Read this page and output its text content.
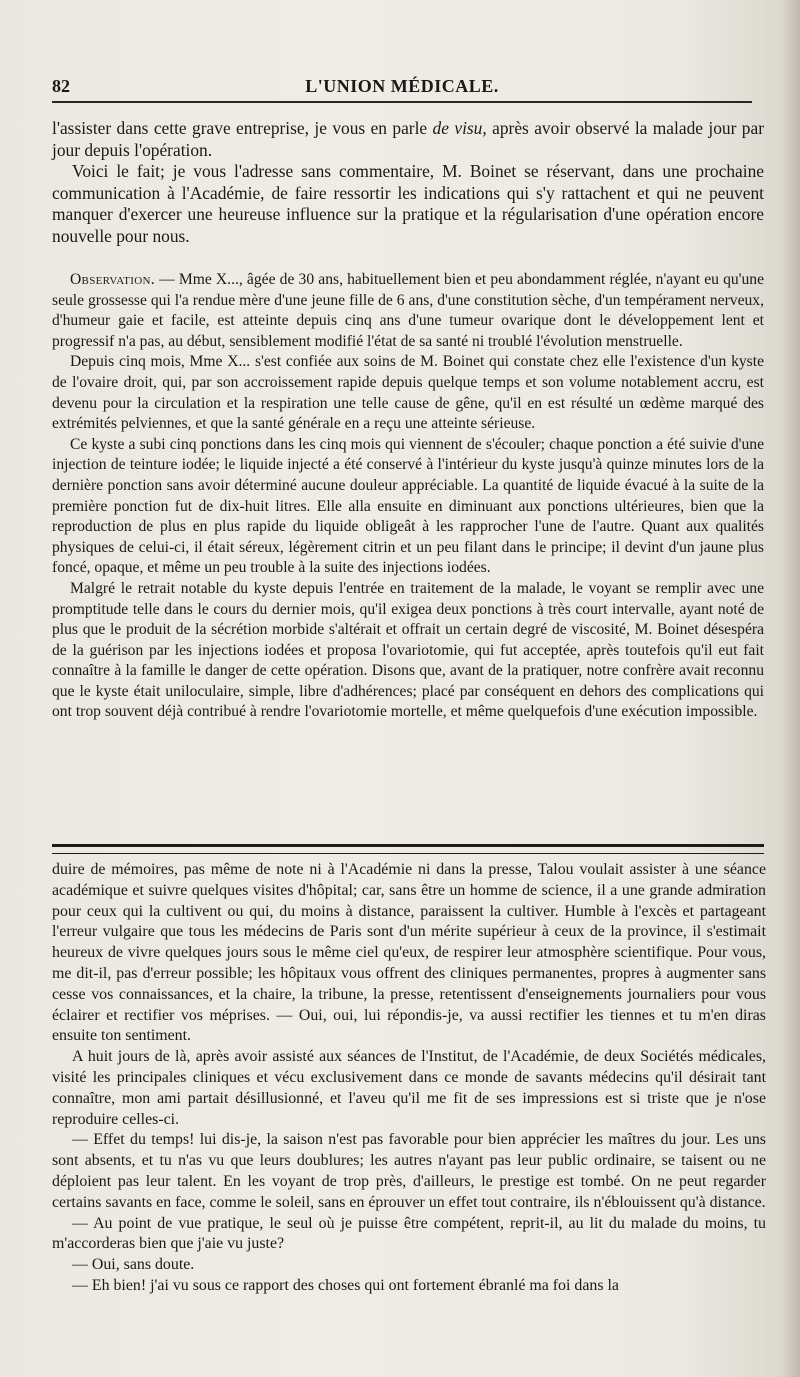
L'UNION MÉDICALE.
82

l'assister dans cette grave entreprise, je vous en parle de visu, après avoir observé la malade jour par jour depuis l'opération.

Voici le fait; je vous l'adresse sans commentaire, M. Boinet se réservant, dans une prochaine communication à l'Académie, de faire ressortir les indications qui s'y rattachent et qui ne peuvent manquer d'exercer une heureuse influence sur la pratique et la régularisation d'une opération encore nouvelle pour nous.

Observation. — Mme X..., âgée de 30 ans, habituellement bien et peu abondamment réglée, n'ayant eu qu'une seule grossesse qui l'a rendue mère d'une jeune fille de 6 ans, d'une constitution sèche, d'un tempérament nerveux, d'humeur gaie et facile, est atteinte depuis cinq ans d'une tumeur ovarique dont le développement lent et progressif n'a pas, au début, sensiblement modifié l'état de sa santé ni troublé l'évolution menstruelle.

Depuis cinq mois, Mme X... s'est confiée aux soins de M. Boinet qui constate chez elle l'existence d'un kyste de l'ovaire droit, qui, par son accroissement rapide depuis quelque temps et son volume notablement accru, est devenu pour la circulation et la respiration une telle cause de gêne, qu'il en est résulté un œdème marqué des extrémités pelviennes, et que la santé générale en a reçu une atteinte sérieuse.

Ce kyste a subi cinq ponctions dans les cinq mois qui viennent de s'écouler; chaque ponction a été suivie d'une injection de teinture iodée; le liquide injecté a été conservé à l'intérieur du kyste jusqu'à quinze minutes lors de la dernière ponction sans avoir déterminé aucune douleur appréciable. La quantité de liquide évacué à la suite de la première ponction fut de dix-huit litres. Elle alla ensuite en diminuant aux ponctions ultérieures, bien que la reproduction de plus en plus rapide du liquide obligeât à les rapprocher l'une de l'autre. Quant aux qualités physiques de celui-ci, il était séreux, légèrement citrin et un peu filant dans le principe; il devint d'un jaune plus foncé, opaque, et même un peu trouble à la suite des injections iodées.

Malgré le retrait notable du kyste depuis l'entrée en traitement de la malade, le voyant se remplir avec une promptitude telle dans le cours du dernier mois, qu'il exigea deux ponctions à très court intervalle, ayant noté de plus que le produit de la sécrétion morbide s'altérait et offrait un certain degré de viscosité, M. Boinet désespéra de la guérison par les injections iodées et proposa l'ovariotomie, qui fut acceptée, après toutefois qu'il eut fait connaître à la famille le danger de cette opération. Disons que, avant de la pratiquer, notre confrère avait reconnu que le kyste était uniloculaire, simple, libre d'adhérences; placé par conséquent en dehors des complications qui ont trop souvent déjà contribué à rendre l'ovariotomie mortelle, et même quelquefois d'une exécution impossible.

duire de mémoires, pas même de note ni à l'Académie ni dans la presse, Talou voulait assister à une séance académique et suivre quelques visites d'hôpital; car, sans être un homme de science, il a une grande admiration pour ceux qui la cultivent ou qui, du moins à distance, paraissent la cultiver. Humble à l'excès et partageant l'erreur vulgaire que tous les médecins de Paris sont d'un mérite supérieur à ceux de la province, il s'estimait heureux de vivre quelques jours sous le même ciel qu'eux, de respirer leur atmosphère scientifique. Pour vous, me dit-il, pas d'erreur possible; les hôpitaux vous offrent des cliniques permanentes, propres à augmenter sans cesse vos connaissances, et la chaire, la tribune, la presse, retentissent d'enseignements journaliers pour vous éclairer et rectifier vos méprises. — Oui, oui, lui répondis-je, va aussi rectifier les tiennes et tu m'en diras ensuite ton sentiment.

A huit jours de là, après avoir assisté aux séances de l'Institut, de l'Académie, de deux Sociétés médicales, visité les principales cliniques et vécu exclusivement dans ce monde de savants médecins qu'il désirait tant connaître, mon ami partait désillusionné, et l'aveu qu'il me fit de ses impressions est si triste que je n'ose reproduire celles-ci.

— Effet du temps! lui dis-je, la saison n'est pas favorable pour bien apprécier les maîtres du jour. Les uns sont absents, et tu n'as vu que leurs doublures; les autres n'ayant pas leur public ordinaire, se taisent ou ne déploient pas leur talent. En les voyant de trop près, d'ailleurs, le prestige est tombé. On ne peut regarder certains savants en face, comme le soleil, sans en éprouver un effet tout contraire, ils n'éblouissent qu'à distance.

— Au point de vue pratique, le seul où je puisse être compétent, reprit-il, au lit du malade du moins, tu m'accorderas bien que j'aie vu juste?

— Oui, sans doute.

— Eh bien! j'ai vu sous ce rapport des choses qui ont fortement ébranlé ma foi dans la
